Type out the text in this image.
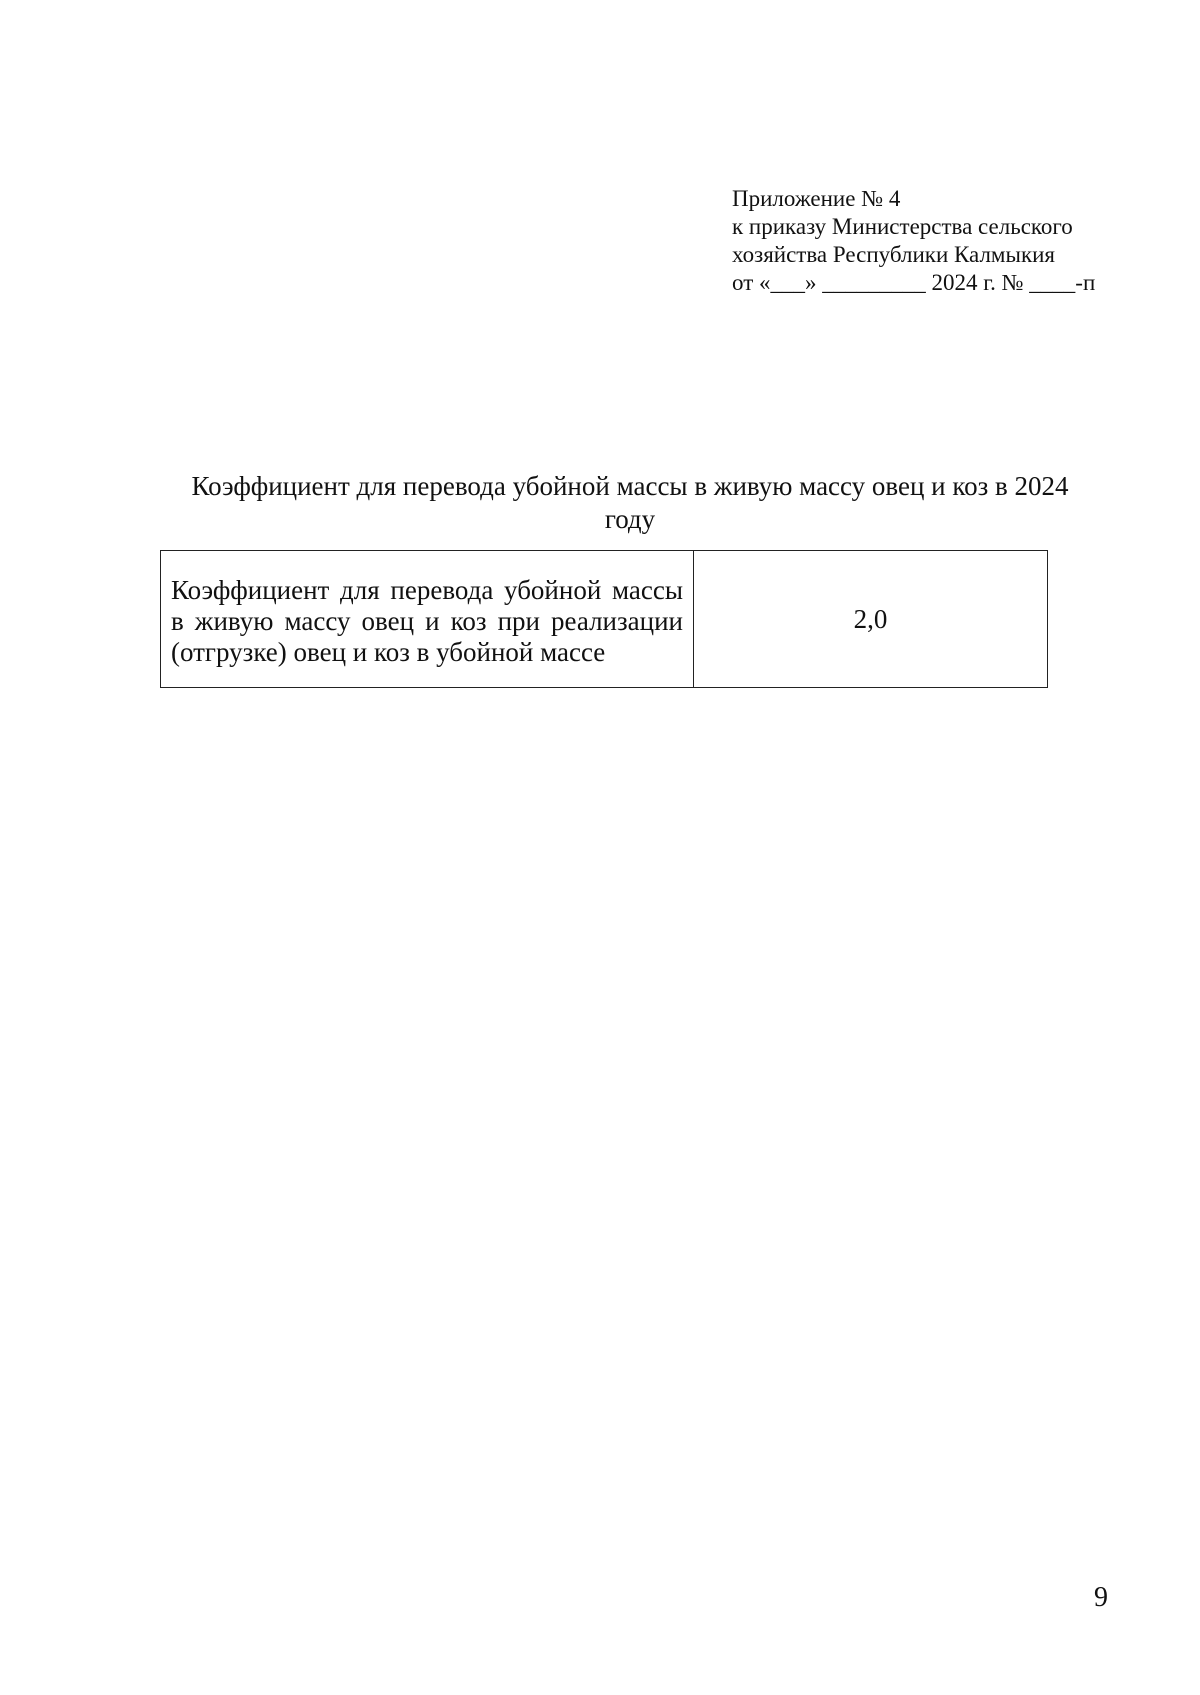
Приложение № 4
к приказу Министерства сельского
хозяйства Республики Калмыкия
от «___» _________ 2024 г. № ____-п
Коэффициент для перевода убойной массы в живую массу овец и коз в 2024
году
Коэффициент для перевода убойной массы в живую массу овец и коз при реализации (отгрузке) овец и коз в убойной массе	2,0
9
